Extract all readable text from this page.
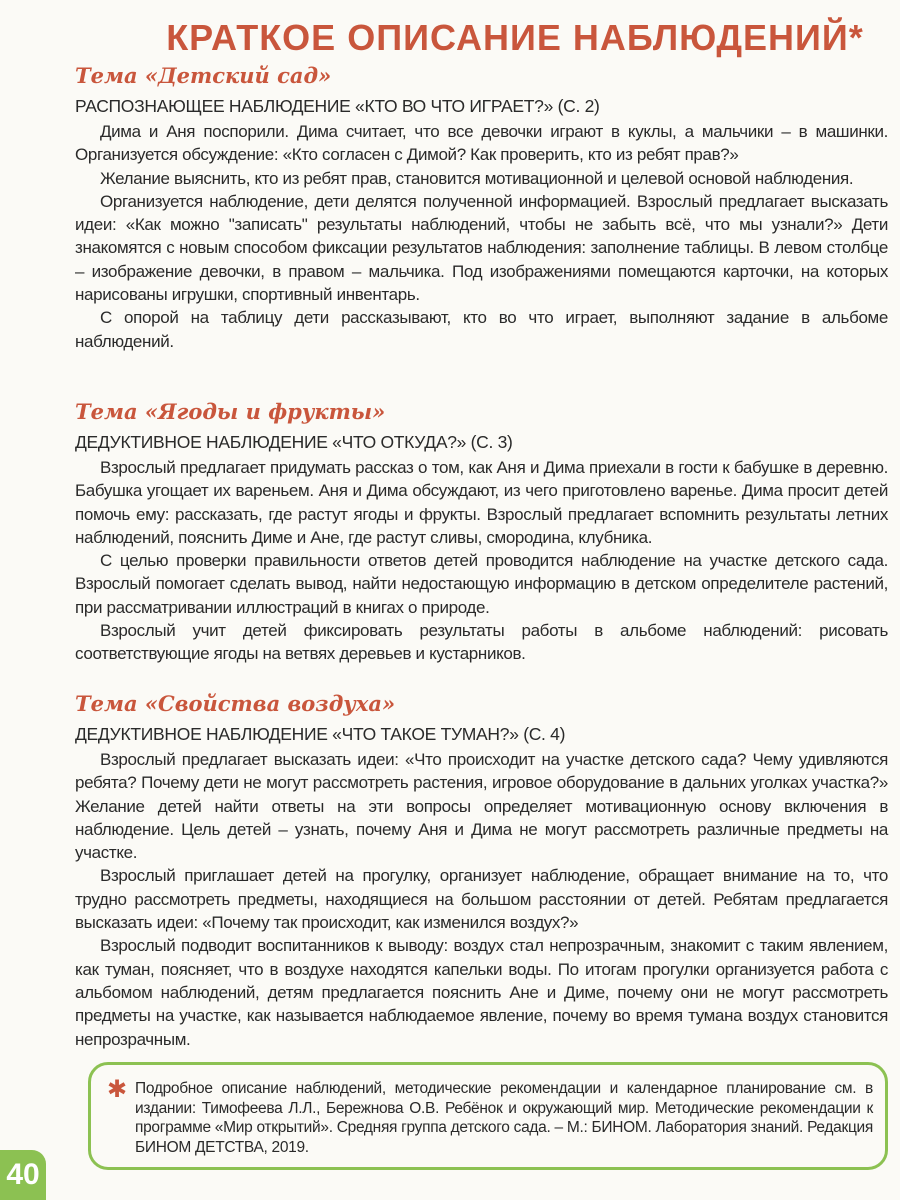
КРАТКОЕ ОПИСАНИЕ НАБЛЮДЕНИЙ*
Тема «Детский сад»
РАСПОЗНАЮЩЕЕ НАБЛЮДЕНИЕ «КТО ВО ЧТО ИГРАЕТ?» (С. 2)

Дима и Аня поспорили. Дима считает, что все девочки играют в куклы, а мальчики – в машинки. Организуется обсуждение: «Кто согласен с Димой? Как проверить, кто из ребят прав?»

Желание выяснить, кто из ребят прав, становится мотивационной и целевой основой наблюдения.

Организуется наблюдение, дети делятся полученной информацией. Взрослый предлагает высказать идеи: «Как можно "записать" результаты наблюдений, чтобы не забыть всё, что мы узнали?» Дети знакомятся с новым способом фиксации результатов наблюдения: заполнение таблицы. В левом столбце – изображение девочки, в правом – мальчика. Под изображениями помещаются карточки, на которых нарисованы игрушки, спортивный инвентарь.

С опорой на таблицу дети рассказывают, кто во что играет, выполняют задание в альбоме наблюдений.

Тема «Ягоды и фрукты»
ДЕДУКТИВНОЕ НАБЛЮДЕНИЕ «ЧТО ОТКУДА?» (С. 3)

Взрослый предлагает придумать рассказ о том, как Аня и Дима приехали в гости к бабушке в деревню. Бабушка угощает их вареньем. Аня и Дима обсуждают, из чего приготовлено варенье. Дима просит детей помочь ему: рассказать, где растут ягоды и фрукты. Взрослый предлагает вспомнить результаты летних наблюдений, пояснить Диме и Ане, где растут сливы, смородина, клубника.

С целью проверки правильности ответов детей проводится наблюдение на участке детского сада. Взрослый помогает сделать вывод, найти недостающую информацию в детском определителе растений, при рассматривании иллюстраций в книгах о природе.

Взрослый учит детей фиксировать результаты работы в альбоме наблюдений: рисовать соответствующие ягоды на ветвях деревьев и кустарников.

Тема «Свойства воздуха»
ДЕДУКТИВНОЕ НАБЛЮДЕНИЕ «ЧТО ТАКОЕ ТУМАН?» (С. 4)

Взрослый предлагает высказать идеи: «Что происходит на участке детского сада? Чему удивляются ребята? Почему дети не могут рассмотреть растения, игровое оборудование в дальних уголках участка?» Желание детей найти ответы на эти вопросы определяет мотивационную основу включения в наблюдение. Цель детей – узнать, почему Аня и Дима не могут рассмотреть различные предметы на участке.

Взрослый приглашает детей на прогулку, организует наблюдение, обращает внимание на то, что трудно рассмотреть предметы, находящиеся на большом расстоянии от детей. Ребятам предлагается высказать идеи: «Почему так происходит, как изменился воздух?»

Взрослый подводит воспитанников к выводу: воздух стал непрозрачным, знакомит с таким явлением, как туман, поясняет, что в воздухе находятся капельки воды. По итогам прогулки организуется работа с альбомом наблюдений, детям предлагается пояснить Ане и Диме, почему они не могут рассмотреть предметы на участке, как называется наблюдаемое явление, почему во время тумана воздух становится непрозрачным.

✱ Подробное описание наблюдений, методические рекомендации и календарное планирование см. в издании: Тимофеева Л.Л., Бережнова О.В. Ребёнок и окружающий мир. Методические рекомендации к программе «Мир открытий». Средняя группа детского сада. – М.: БИНОМ. Лаборатория знаний. Редакция БИНОМ ДЕТСТВА, 2019.
40
